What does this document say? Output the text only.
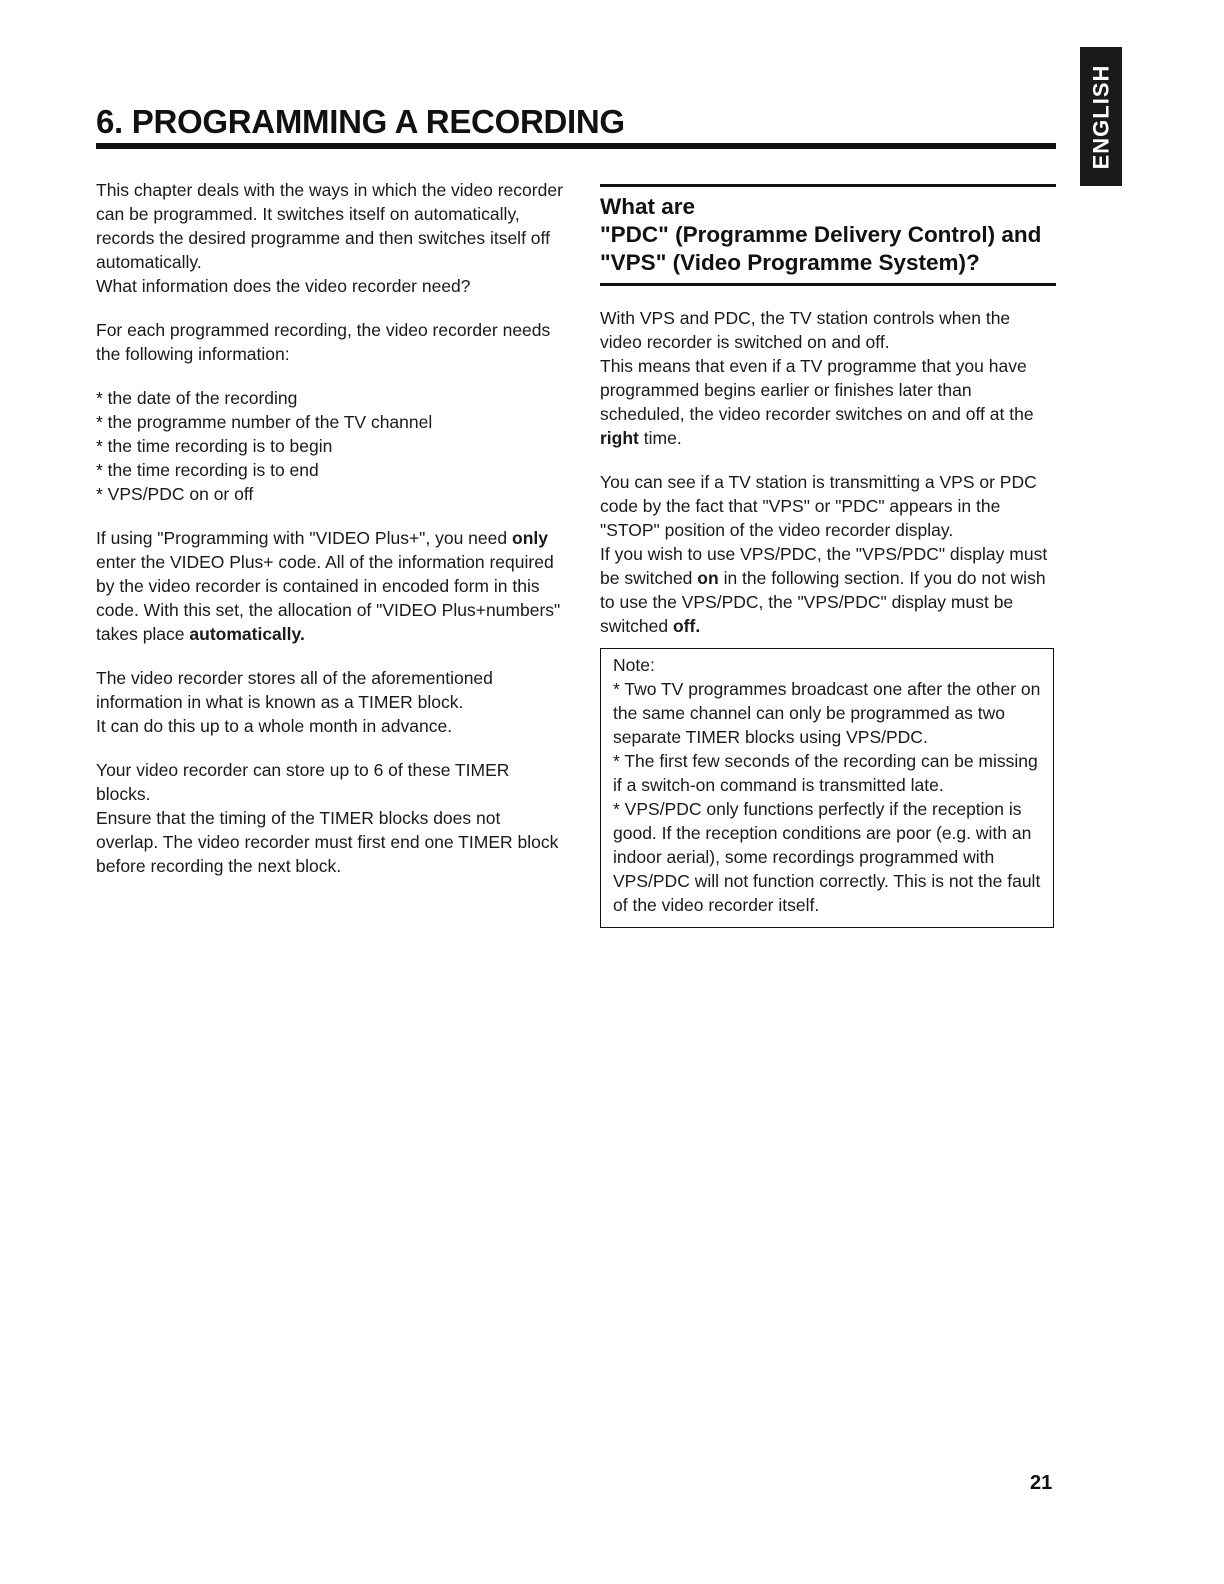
ENGLISH
6. PROGRAMMING A RECORDING

This chapter deals with the ways in which the video recorder can be programmed. It switches itself on automatically, records the desired programme and then switches itself off automatically.
What information does the video recorder need?

For each programmed recording, the video recorder needs the following information:

* the date of the recording
* the programme number of the TV channel
* the time recording is to begin
* the time recording is to end
* VPS/PDC on or off

If using "Programming with "VIDEO Plus+", you need only enter the VIDEO Plus+ code. All of the information required by the video recorder is contained in encoded form in this code. With this set, the allocation of "VIDEO Plus+numbers" takes place automatically.

The video recorder stores all of the aforementioned information in what is known as a TIMER block.
It can do this up to a whole month in advance.

Your video recorder can store up to 6 of these TIMER blocks.
Ensure that the timing of the TIMER blocks does not overlap. The video recorder must first end one TIMER block before recording the next block.

What are
"PDC" (Programme Delivery Control) and
"VPS" (Video Programme System)?

With VPS and PDC, the TV station controls when the video recorder is switched on and off.
This means that even if a TV programme that you have programmed begins earlier or finishes later than scheduled, the video recorder switches on and off at the right time.

You can see if a TV station is transmitting a VPS or PDC code by the fact that "VPS" or "PDC" appears in the "STOP" position of the video recorder display.
If you wish to use VPS/PDC, the "VPS/PDC" display must be switched on in the following section. If you do not wish to use the VPS/PDC, the "VPS/PDC" display must be switched off.

Note:

* Two TV programmes broadcast one after the other on the same channel can only be programmed as two separate TIMER blocks using VPS/PDC.

* The first few seconds of the recording can be missing if a switch-on command is transmitted late.

* VPS/PDC only functions perfectly if the reception is good. If the reception conditions are poor (e.g. with an indoor aerial), some recordings programmed with VPS/PDC will not function correctly. This is not the fault of the video recorder itself.

21
